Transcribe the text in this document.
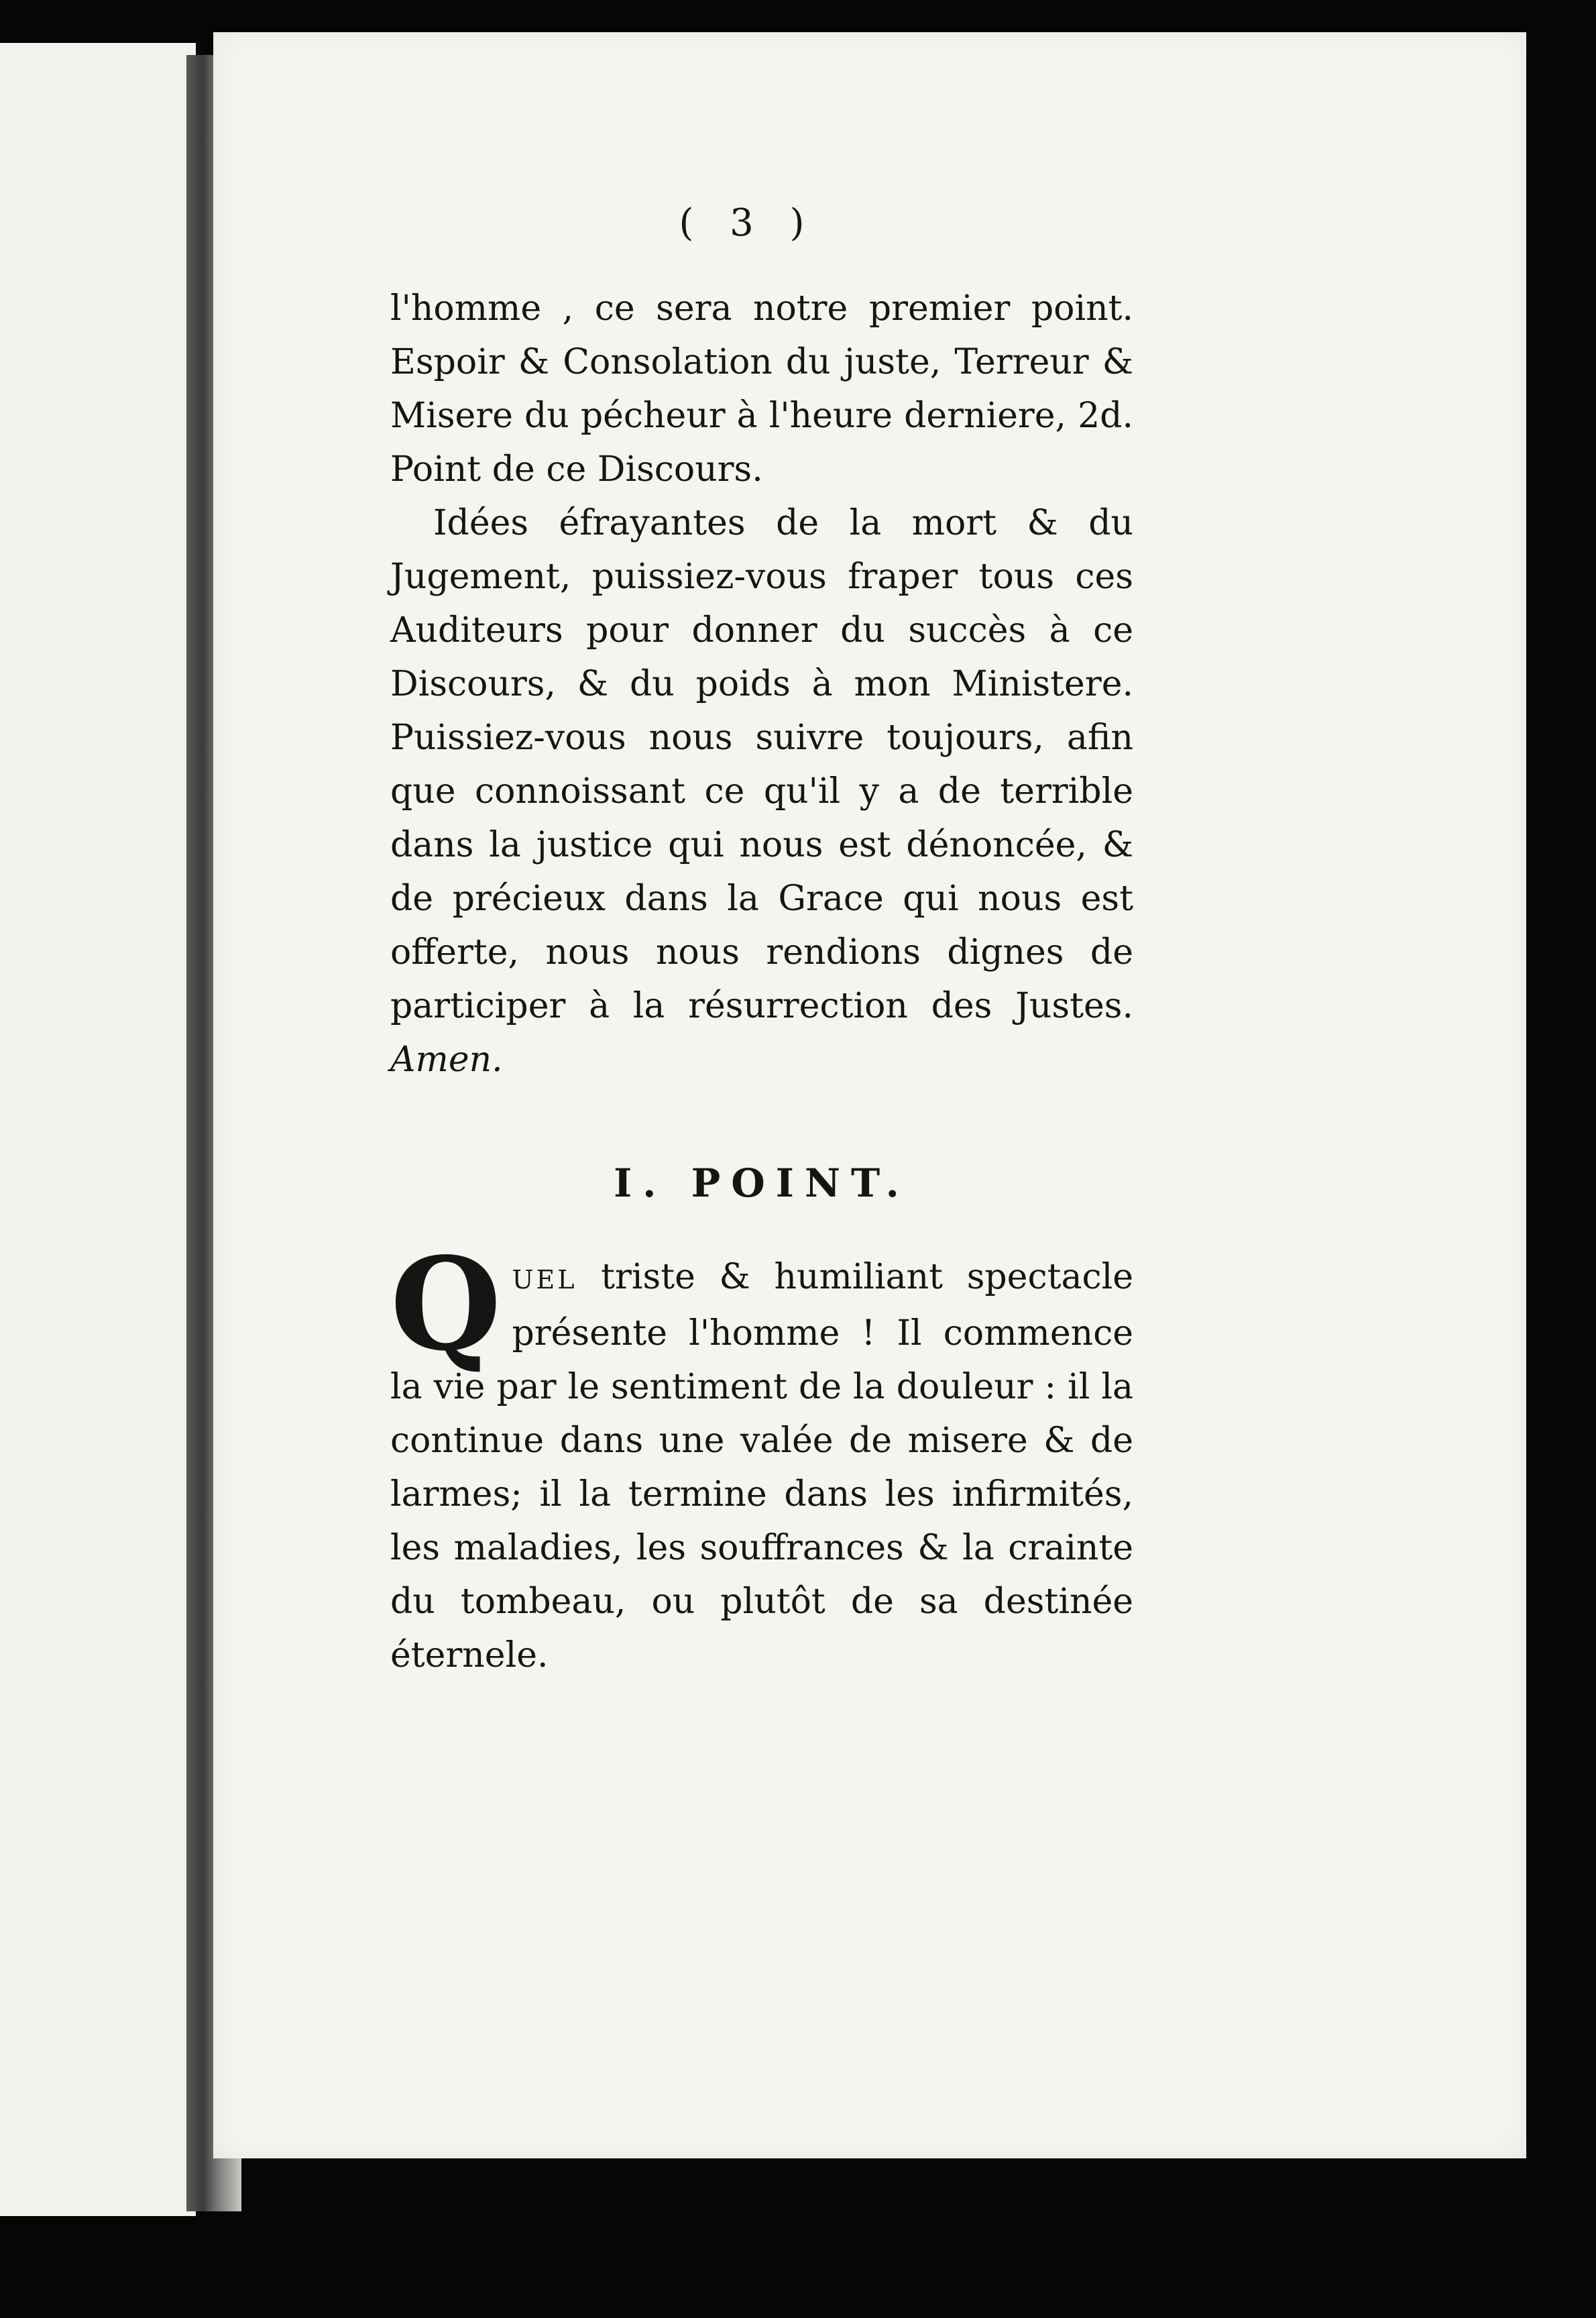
( 3 )

l'homme , ce sera notre premier point. Espoir & Consolation du juste, Terreur & Misere du pécheur à l'heure derniere, 2d. Point de ce Discours.

Idées éfrayantes de la mort & du Jugement, puissiez-vous fraper tous ces Auditeurs pour donner du succès à ce Discours, & du poids à mon Ministere. Puissiez-vous nous suivre toujours, afin que connoissant ce qu'il y a de terrible dans la justice qui nous est dénoncée, & de précieux dans la Grace qui nous est offerte, nous nous rendions dignes de participer à la résurrection des Justes. Amen.

I. POINT.

QUEL triste & humiliant spectacle présente l'homme ! Il commence la vie par le sentiment de la douleur : il la continue dans une valée de misere & de larmes; il la termine dans les infirmités, les maladies, les souffrances & la crainte du tombeau, ou plutôt de sa destinée éternele.
